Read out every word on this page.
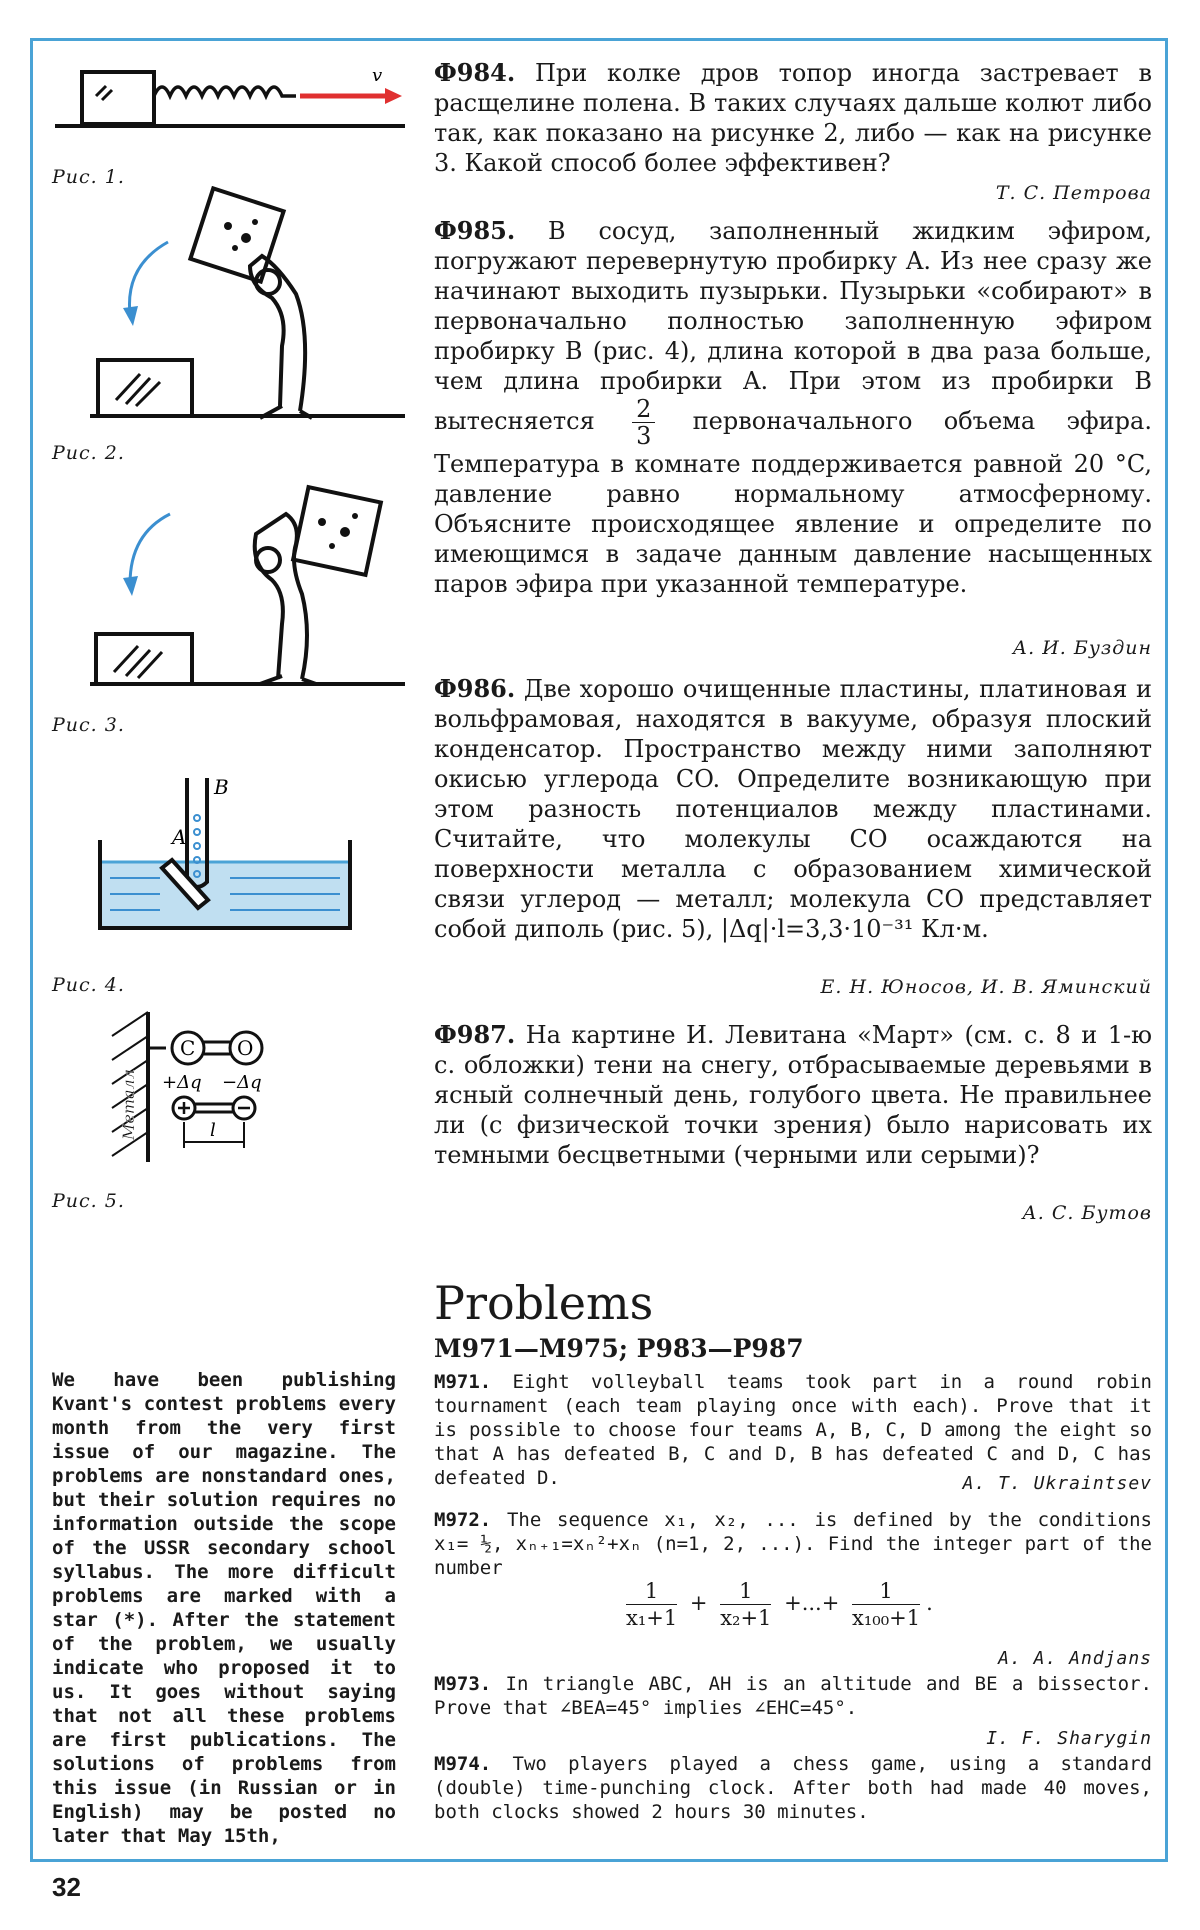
v
Рис. 1.
Рис. 2.
Рис. 3.
A
B
Рис. 4.
Металл
C O
+Δq −Δq
l
Рис. 5.
Ф984. При колке дров топор иногда застревает в расщелине полена. В таких случаях дальше колют либо так, как показано на рисунке 2, либо — как на рисунке 3. Какой способ более эффективен?
Т. С. Петрова
Ф985. В сосуд, заполненный жидким эфиром, погружают перевернутую пробирку A. Из нее сразу же начинают выходить пузырьки. Пузырьки «собирают» в первоначально полностью заполненную эфиром пробирку B (рис. 4), длина которой в два раза больше, чем длина пробирки A. При этом из пробирки B вытесняется $\frac{2}{3}$ первоначального объема эфира. Температура в комнате поддерживается равной 20 °C, давление равно нормальному атмосферному. Объясните происходящее явление и определите по имеющимся в задаче данным давление насыщенных паров эфира при указанной температуре.
А. И. Буздин
Ф986. Две хорошо очищенные пластины, платиновая и вольфрамовая, находятся в вакууме, образуя плоский конденсатор. Пространство между ними заполняют окисью углерода CO. Определите возникающую при этом разность потенциалов между пластинами. Считайте, что молекулы CO осаждаются на поверхности металла с образованием химической связи углерод — металл; молекула CO представляет собой диполь (рис. 5), |Δq|·l=3,3·10⁻³¹ Кл·м.
Е. Н. Юносов, И. В. Яминский
Ф987. На картине И. Левитана «Март» (см. с. 8 и 1-ю с. обложки) тени на снегу, отбрасываемые деревьями в ясный солнечный день, голубого цвета. Не правильнее ли (с физической точки зрения) было нарисовать их темными бесцветными (черными или серыми)?
А. С. Бутов
Problems
M971—M975; P983—P987
M971. Eight volleyball teams took part in a round robin tournament (each team playing once with each). Prove that it is possible to choose four teams A, B, C, D among the eight so that A has defeated B, C and D, B has defeated C and D, C has defeated D.	A. T. Ukraintsev
M972. The sequence x₁, x₂, ... is defined by the conditions x₁= ½, xₙ₊₁=xₙ²+xₙ (n=1, 2, ...). Find the integer part of the number
$\frac{1}{\text{x₁+1}} + \frac{1}{\text{x₂+1}}$ +...+ $\frac{1}{\text{x₁₀₀+1}}$ .
A. A. Andjans
M973. In triangle ABC, AH is an altitude and BE a bissector. Prove that ∠BEA=45° implies ∠EHC=45°.
I. F. Sharygin
M974. Two players played a chess game, using a standard (double) time-punching clock. After both had made 40 moves, both clocks showed 2 hours 30 minutes.
We have been publishing Kvant's contest problems every month from the very first issue of our magazine. The problems are nonstandard ones, but their solution requires no information outside the scope of the USSR secondary school syllabus. The more difficult problems are marked with a star (*). After the statement of the problem, we usually indicate who proposed it to us. It goes without saying that not all these problems are first publications. The solutions of problems from this issue (in Russian or in English) may be posted no later that May 15th,
32
